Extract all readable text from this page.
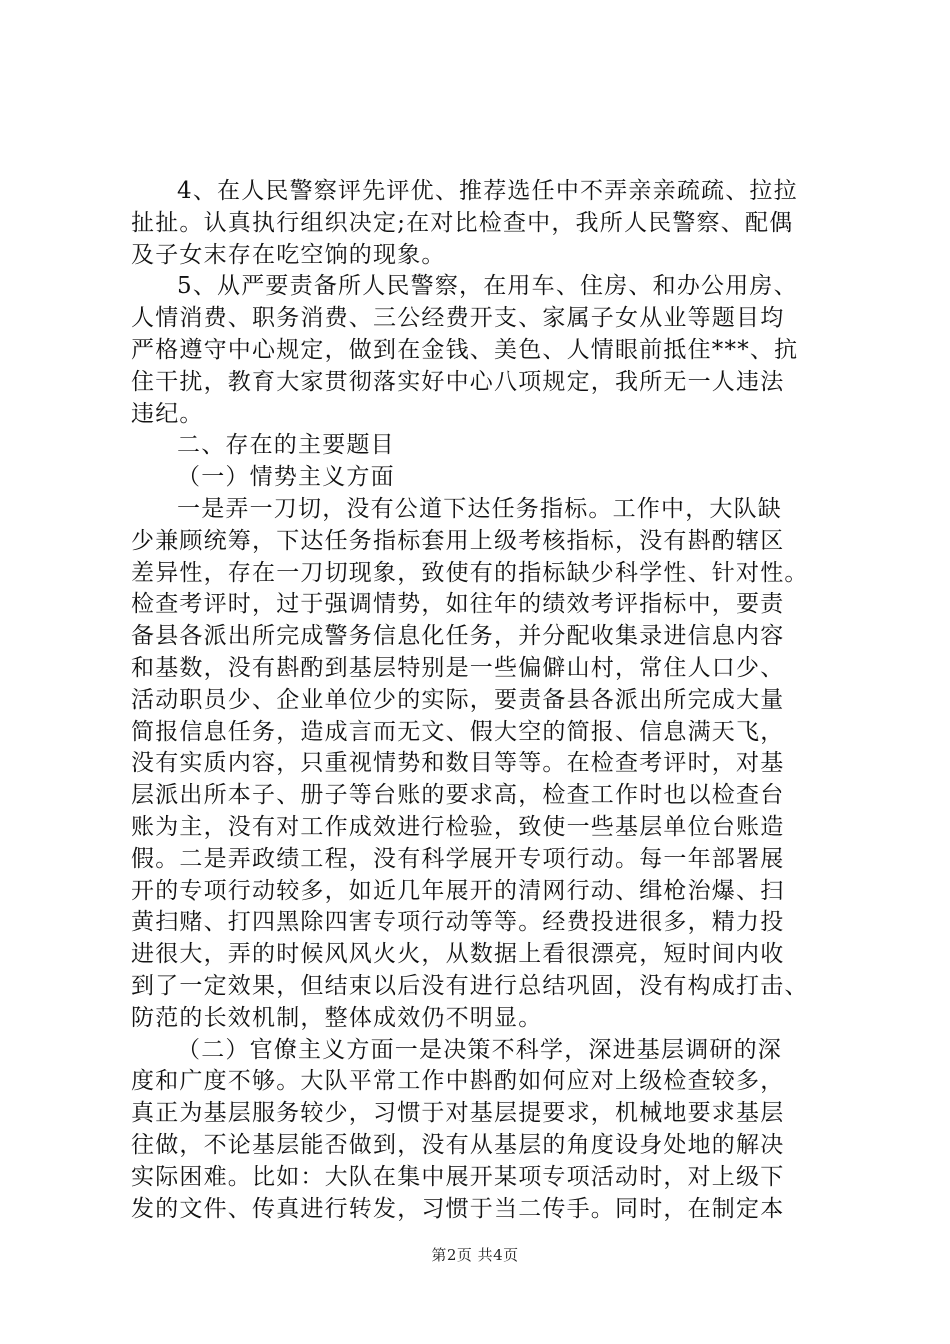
4、在人民警察评先评优、推荐选任中不弄亲亲疏疏、拉拉
扯扯。认真执行组织决定;在对比检查中，我所人民警察、配偶
及子女末存在吃空饷的现象。
5、从严要责备所人民警察，在用车、住房、和办公用房、
人情消费、职务消费、三公经费开支、家属子女从业等题目均
严格遵守中心规定，做到在金钱、美色、人情眼前抵住***、抗
住干扰，教育大家贯彻落实好中心八项规定，我所无一人违法
违纪。
二、存在的主要题目
（一）情势主义方面
一是弄一刀切，没有公道下达任务指标。工作中，大队缺
少兼顾统筹，下达任务指标套用上级考核指标，没有斟酌辖区
差异性，存在一刀切现象，致使有的指标缺少科学性、针对性。
检查考评时，过于强调情势，如往年的绩效考评指标中，要责
备县各派出所完成警务信息化任务，并分配收集录进信息内容
和基数，没有斟酌到基层特别是一些偏僻山村，常住人口少、
活动职员少、企业单位少的实际，要责备县各派出所完成大量
简报信息任务，造成言而无文、假大空的简报、信息满天飞，
没有实质内容，只重视情势和数目等等。在检查考评时，对基
层派出所本子、册子等台账的要求高，检查工作时也以检查台
账为主，没有对工作成效进行检验，致使一些基层单位台账造
假。二是弄政绩工程，没有科学展开专项行动。每一年部署展
开的专项行动较多，如近几年展开的清网行动、缉枪治爆、扫
黄扫赌、打四黑除四害专项行动等等。经费投进很多，精力投
进很大，弄的时候风风火火，从数据上看很漂亮，短时间内收
到了一定效果，但结束以后没有进行总结巩固，没有构成打击、
防范的长效机制，整体成效仍不明显。
（二）官僚主义方面一是决策不科学，深进基层调研的深
度和广度不够。大队平常工作中斟酌如何应对上级检查较多，
真正为基层服务较少，习惯于对基层提要求，机械地要求基层
往做，不论基层能否做到，没有从基层的角度设身处地的解决
实际困难。比如：大队在集中展开某项专项活动时，对上级下
发的文件、传真进行转发，习惯于当二传手。同时，在制定本
第2页 共4页
